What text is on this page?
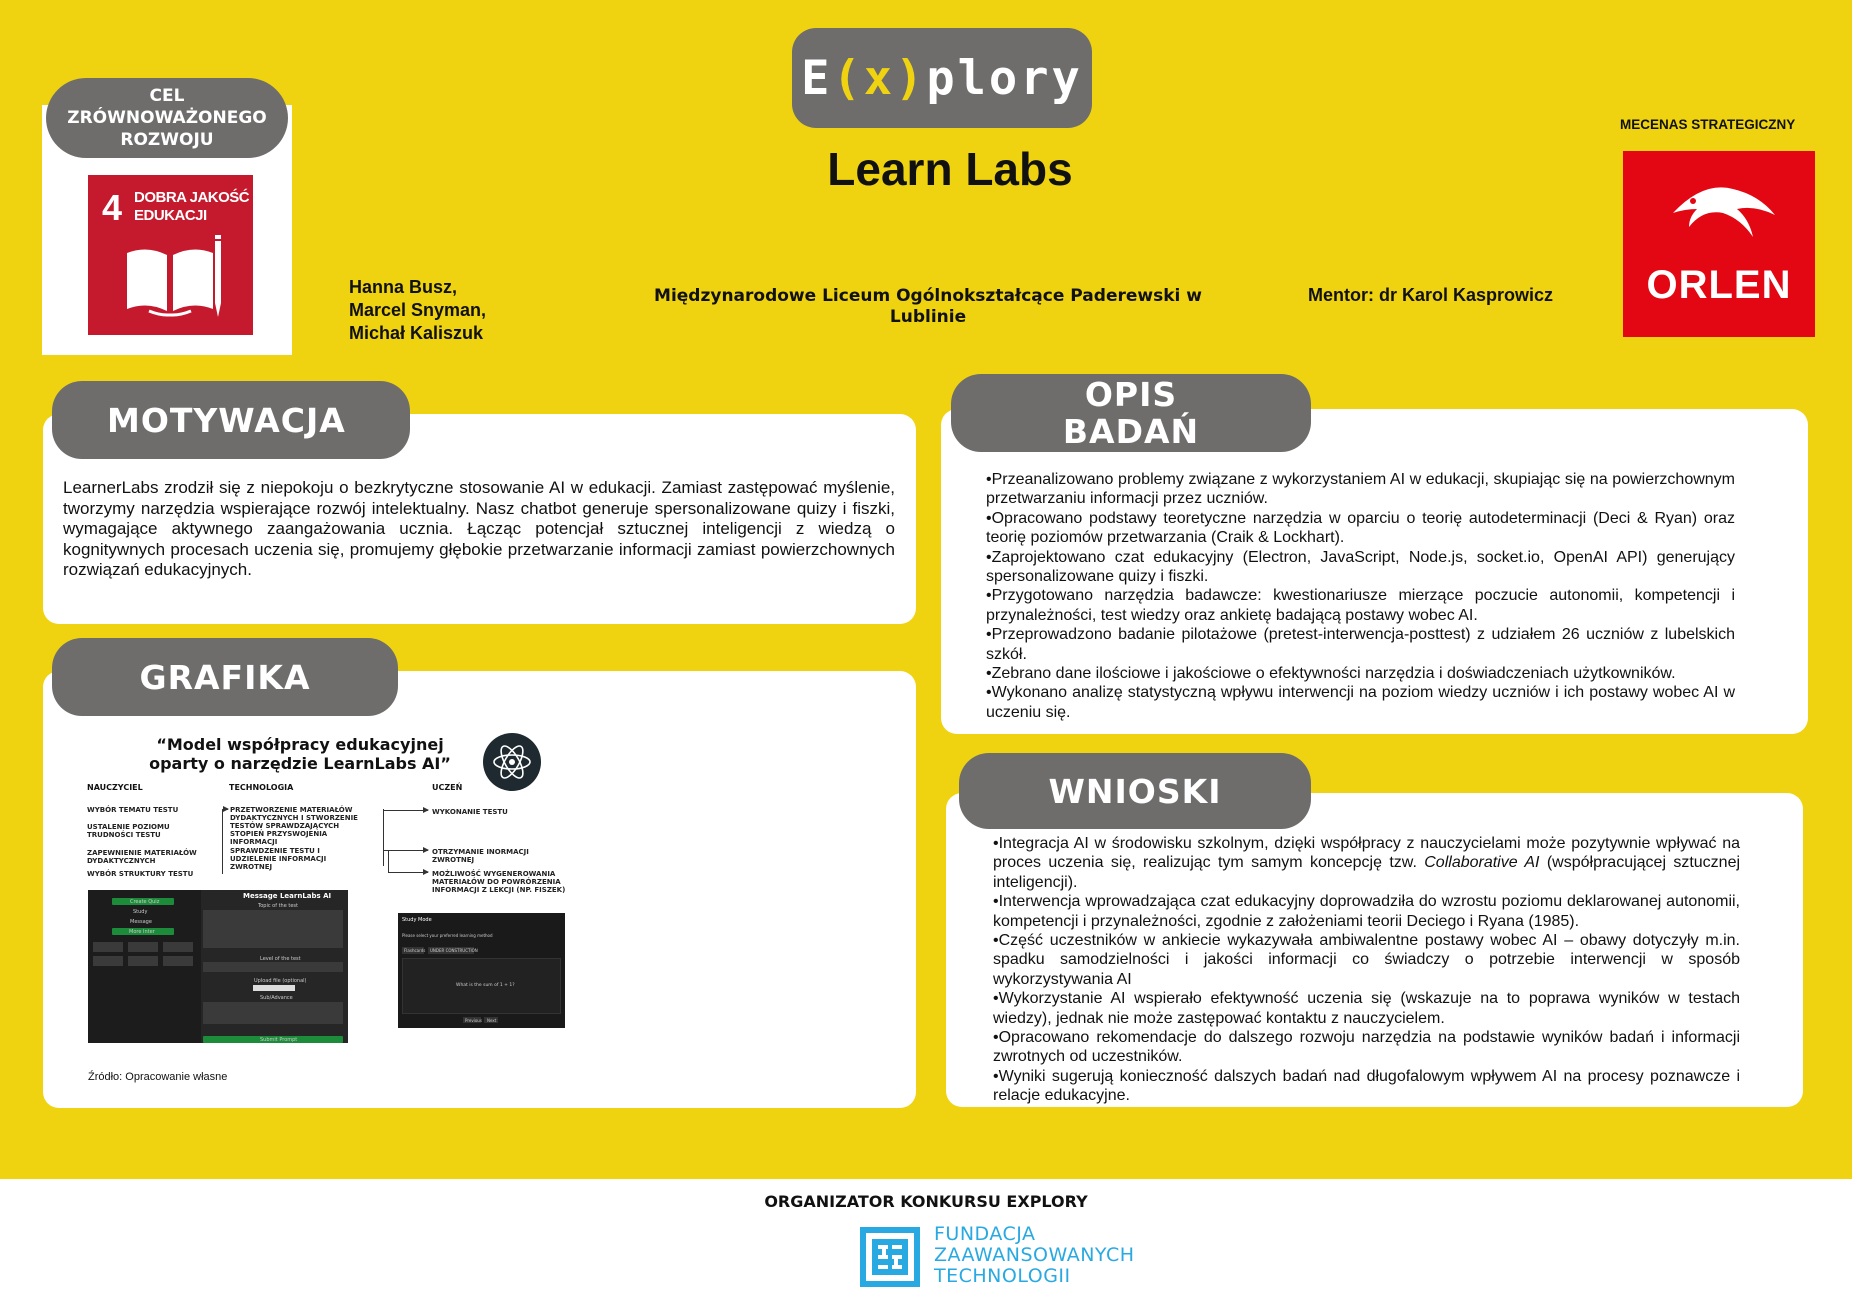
E ( x ) plory
Learn Labs
CEL ZRÓWNOWAŻONEGO ROZWOJU
4 DOBRA JAKOŚĆ
EDUKACJI
Hanna Busz,
Marcel Snyman,
Michał Kaliszuk
Międzynarodowe Liceum Ogólnokształcące Paderewski w
Lublinie
Mentor: dr Karol Kasprowicz
MECENAS STRATEGICZNY
ORLEN
MOTYWACJA
LearnerLabs zrodził się z niepokoju o bezkrytyczne stosowanie AI w edukacji. Zamiast zastępować myślenie, tworzymy narzędzia wspierające rozwój intelektualny. Nasz chatbot generuje spersonalizowane quizy i fiszki, wymagające aktywnego zaangażowania ucznia. Łącząc potencjał sztucznej inteligencji z wiedzą o kognitywnych procesach uczenia się, promujemy głębokie przetwarzanie informacji zamiast powierzchownych rozwiązań edukacyjnych.
GRAFIKA
“Model współpracy edukacyjnej
oparty o narzędzie LearnLabs AI”
NAUCZYCIEL	TECHNOLOGIA	UCZEŃ
WYBÓR TEMATU TESTU
USTALENIE POZIOMU TRUDNOŚCI TESTU
ZAPEWNIENIE MATERIAŁÓW DYDAKTYCZNYCH
WYBÓR STRUKTURY TESTU
PRZETWORZENIE MATERIAŁÓW DYDAKTYCZNYCH I STWORZENIE TESTÓW SPRAWDZAJĄCYCH STOPIEŃ PRZYSWOJENIA INFORMACJI
SPRAWDZENIE TESTU I UDZIELENIE INFORMACJI ZWROTNEJ
WYKONANIE TESTU
OTRZYMANIE INORMACJI ZWROTNEJ
MOŻLIWOŚĆ WYGENEROWANIA MATERIAŁÓW DO POWRÓRZENIA INFORMACJI Z LEKCJI (NP. FISZEK)
Create Quiz
Study
Message
More Inter
Message LearnLabs AI
Topic of the test
Level of the test
Upload file (optional)
Sub/Advance
Submit Prompt
Study Mode
Please select your preferred learning method
Flashcards UNDER CONSTRUCTION
What is the sum of 1 + 1?
Previous Next
Źródło: Opracowanie własne
OPIS
BADAŃ

•Przeanalizowano problemy związane z wykorzystaniem AI w edukacji, skupiając się na powierzchownym przetwarzaniu informacji przez uczniów.

•Opracowano podstawy teoretyczne narzędzia w oparciu o teorię autodeterminacji (Deci & Ryan) oraz teorię poziomów przetwarzania (Craik & Lockhart).

•Zaprojektowano czat edukacyjny (Electron, JavaScript, Node.js, socket.io, OpenAI API) generujący spersonalizowane quizy i fiszki.

•Przygotowano narzędzia badawcze: kwestionariusze mierzące poczucie autonomii, kompetencji i przynależności, test wiedzy oraz ankietę badającą postawy wobec AI.

•Przeprowadzono badanie pilotażowe (pretest-interwencja-posttest) z udziałem 26 uczniów z lubelskich szkół.

•Zebrano dane ilościowe i jakościowe o efektywności narzędzia i doświadczeniach użytkowników.

•Wykonano analizę statystyczną wpływu interwencji na poziom wiedzy uczniów i ich postawy wobec AI w uczeniu się.

WNIOSKI

•Integracja AI w środowisku szkolnym, dzięki współpracy z nauczycielami może pozytywnie wpływać na proces uczenia się, realizując tym samym koncepcję tzw. Collaborative AI (współpracującej sztucznej inteligencji).

•Interwencja wprowadzająca czat edukacyjny doprowadziła do wzrostu poziomu deklarowanej autonomii, kompetencji i przynależności, zgodnie z założeniami teorii Deciego i Ryana (1985).

•Część uczestników w ankiecie wykazywała ambiwalentne postawy wobec AI – obawy dotyczyły m.in. spadku samodzielności i jakości informacji co świadczy o potrzebie interwencji w sposób wykorzystywania AI

•Wykorzystanie AI wspierało efektywność uczenia się (wskazuje na to poprawa wyników w testach wiedzy), jednak nie może zastępować kontaktu z nauczycielem.

•Opracowano rekomendacje do dalszego rozwoju narzędzia na podstawie wyników badań i informacji zwrotnych od uczestników.

•Wyniki sugerują konieczność dalszych badań nad długofalowym wpływem AI na procesy poznawcze i relacje edukacyjne.

ORGANIZATOR KONKURSU EXPLORY
FUNDACJA
ZAAWANSOWANYCH
TECHNOLOGII
